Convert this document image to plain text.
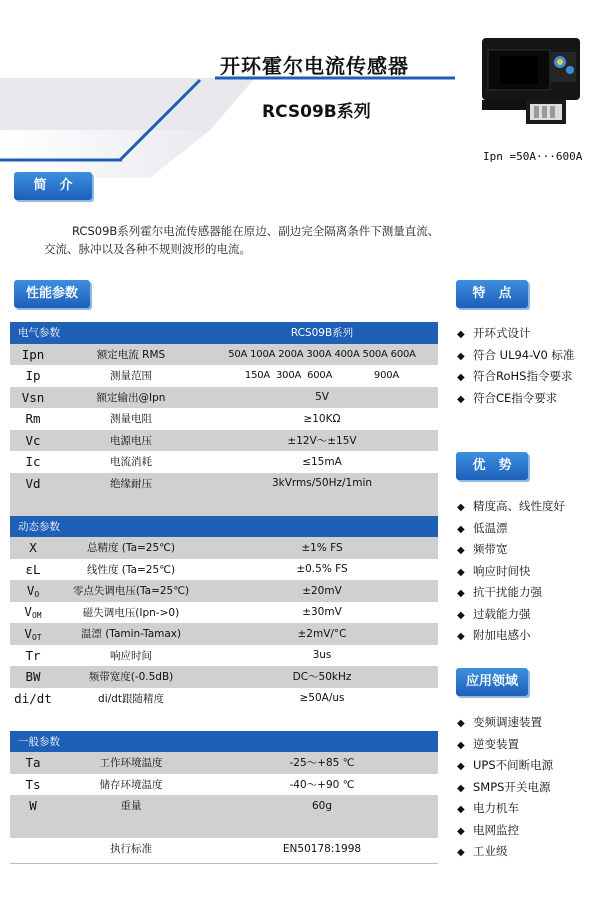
开环霍尔电流传感器
RCS09B系列
Ipn =50A···600A
简　介
RCS09B系列霍尔电流传感器能在原边、副边完全隔离条件下测量直流、交流、脉冲以及各种不规则波形的电流。
性能参数
电气参数		RCS09B系列
Ipn	额定电流 RMS	50A 100A 200A 300A 400A 500A 600A
Ip	测量范围	150A  300A  600A              900A
Vsn	额定输出@Ipn	5V
Rm	测量电阻	≥10KΩ
Vc	电源电压	±12V～±15V
Ic	电流消耗	≤15mA
Vd	绝缘耐压	3kVrms/50Hz/1min

动态参数		
X	总精度 (Ta=25℃)	±1% FS
εL	线性度 (Ta=25℃)	±0.5% FS
$V_O$	零点失调电压(Ta=25℃)	±20mV
$V_{OM}$	磁失调电压(Ipn->0)	±30mV
$V_{OT}$	温漂 (Tamin-Tamax)	±2mV/°C
Tr	响应时间	3us
BW	频带宽度(-0.5dB)	DC～50kHz
di/dt	di/dt跟随精度	≥50A/us

一般参数		
Ta	工作环境温度	-25～+85 ℃
Ts	储存环境温度	-40～+90 ℃
W	重量	60g

	执行标准	EN50178:1998
特　点
◆ 开环式设计
◆ 符合 UL94-V0 标准
◆ 符合RoHS指令要求
◆ 符合CE指令要求
优　势
◆ 精度高、线性度好
◆ 低温漂
◆ 频带宽
◆ 响应时间快
◆ 抗干扰能力强
◆ 过载能力强
◆ 附加电感小
应用领域
◆ 变频调速装置
◆ 逆变装置
◆ UPS不间断电源
◆ SMPS开关电源
◆ 电力机车
◆ 电网监控
◆ 工业级
